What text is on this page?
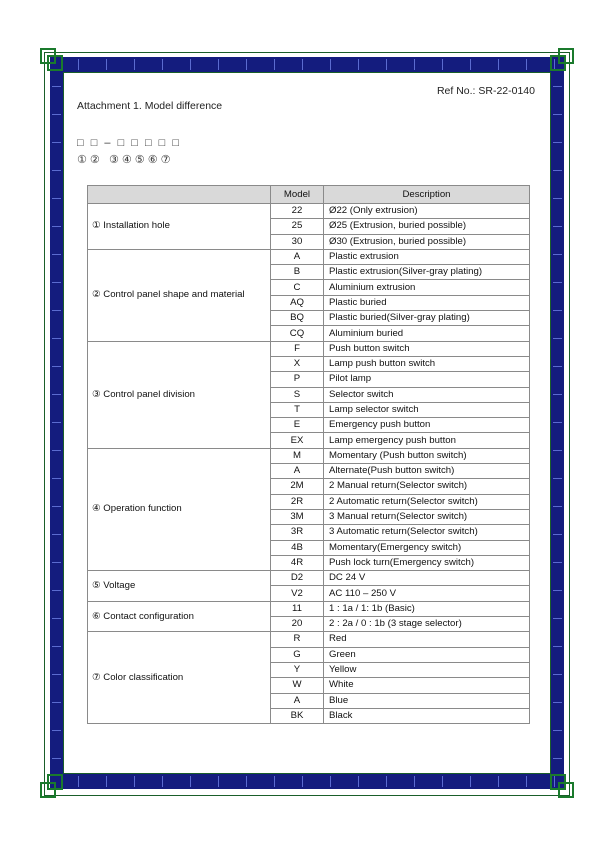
Ref No.: SR-22-0140
Attachment 1. Model difference
□ □ – □ □ □ □ □
① ②   ③ ④ ⑤ ⑥ ⑦
	Model	Description
① Installation hole	22	Ø22 (Only extrusion)
	25	Ø25 (Extrusion, buried possible)
	30	Ø30 (Extrusion, buried possible)
② Control panel shape and material	A	Plastic extrusion
	B	Plastic extrusion(Silver-gray plating)
	C	Aluminium extrusion
	AQ	Plastic buried
	BQ	Plastic buried(Silver-gray plating)
	CQ	Aluminium buried
③ Control panel division	F	Push button switch
	X	Lamp push button switch
	P	Pilot lamp
	S	Selector switch
	T	Lamp selector switch
	E	Emergency push button
	EX	Lamp emergency push button
④ Operation function	M	Momentary (Push button switch)
	A	Alternate(Push button switch)
	2M	2 Manual return(Selector switch)
	2R	2 Automatic return(Selector switch)
	3M	3 Manual return(Selector switch)
	3R	3 Automatic return(Selector switch)
	4B	Momentary(Emergency switch)
	4R	Push lock turn(Emergency switch)
⑤ Voltage	D2	DC 24 V
	V2	AC 110 – 250 V
⑥ Contact configuration	11	1 : 1a / 1: 1b (Basic)
	20	2 : 2a / 0 : 1b (3 stage selector)
⑦ Color classification	R	Red
	G	Green
	Y	Yellow
	W	White
	A	Blue
	BK	Black
